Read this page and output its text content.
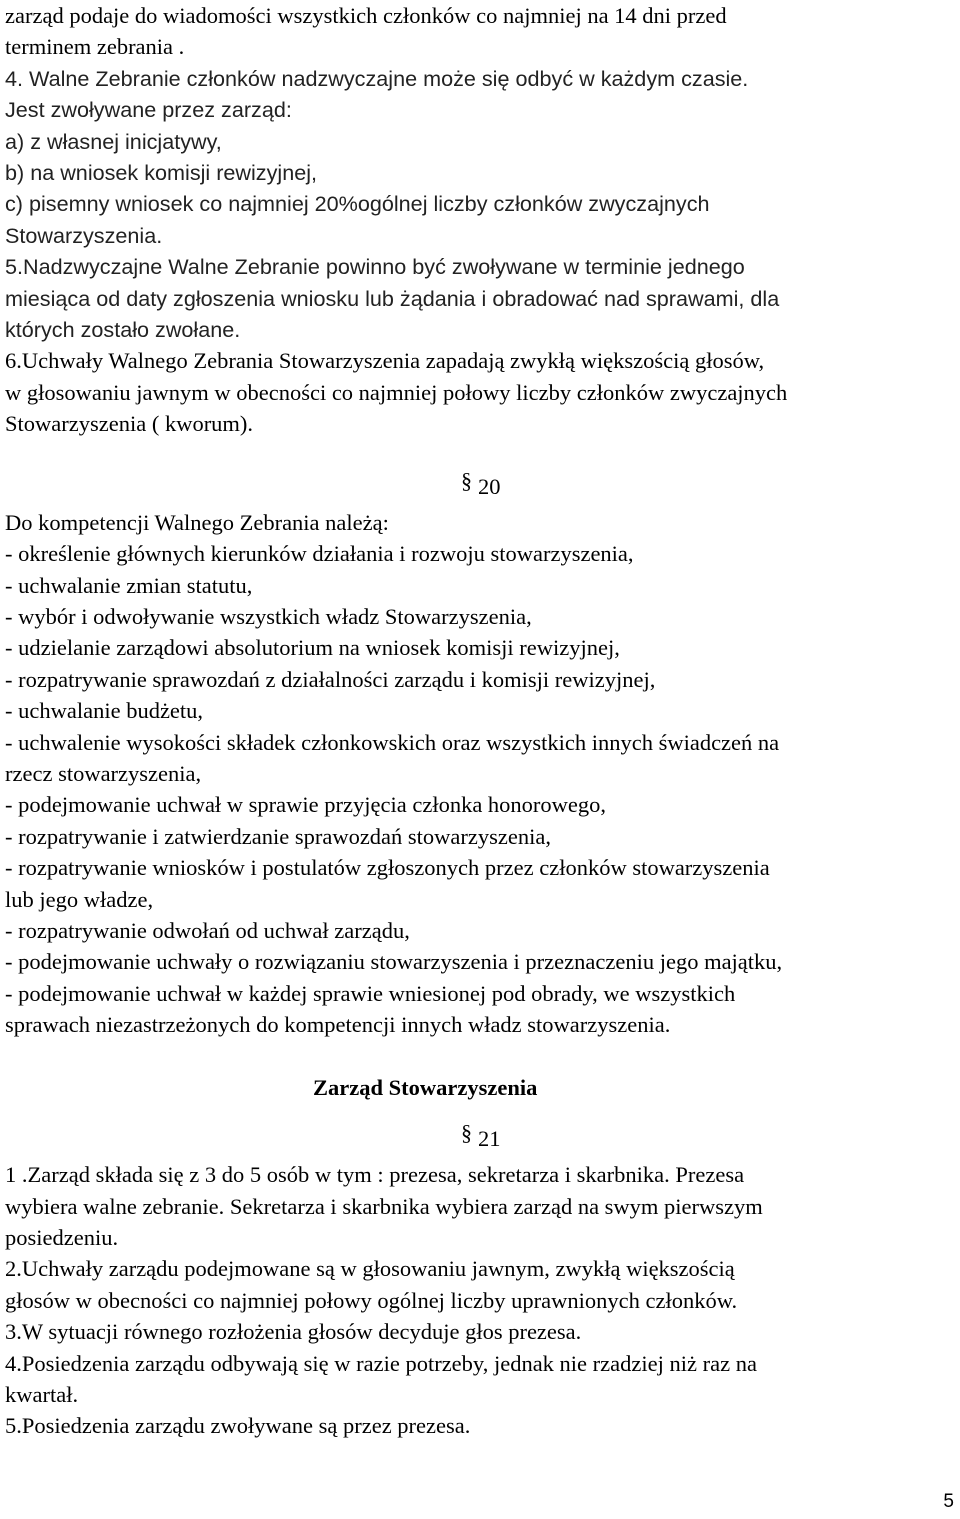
zarząd podaje do wiadomości wszystkich członków co najmniej na 14 dni przed
terminem zebrania .
4. Walne Zebranie członków nadzwyczajne może się odbyć w każdym czasie.
Jest zwoływane przez zarząd:
a) z własnej inicjatywy,
b) na wniosek komisji rewizyjnej,
c) pisemny wniosek co najmniej 20%ogólnej liczby członków zwyczajnych
Stowarzyszenia.
5.Nadzwyczajne Walne Zebranie powinno być zwoływane w terminie jednego
miesiąca od daty zgłoszenia wniosku lub żądania i obradować nad sprawami, dla
których zostało zwołane.
6.Uchwały Walnego Zebrania Stowarzyszenia zapadają zwykłą większością głosów,
w głosowaniu jawnym w obecności co najmniej połowy liczby członków zwyczajnych
Stowarzyszenia ( kworum).
§ 20
Do kompetencji Walnego Zebrania należą:
- określenie głównych kierunków działania i rozwoju stowarzyszenia,
- uchwalanie zmian statutu,
- wybór i odwoływanie wszystkich władz Stowarzyszenia,
- udzielanie zarządowi absolutorium na wniosek komisji rewizyjnej,
- rozpatrywanie sprawozdań z działalności zarządu i komisji rewizyjnej,
- uchwalanie budżetu,
- uchwalenie wysokości składek członkowskich oraz wszystkich innych świadczeń na
rzecz stowarzyszenia,
- podejmowanie uchwał w sprawie przyjęcia członka honorowego,
- rozpatrywanie i zatwierdzanie sprawozdań stowarzyszenia,
- rozpatrywanie wniosków i postulatów zgłoszonych przez członków stowarzyszenia
lub jego władze,
- rozpatrywanie odwołań od uchwał zarządu,
- podejmowanie uchwały o rozwiązaniu stowarzyszenia i przeznaczeniu jego majątku,
- podejmowanie uchwał w każdej sprawie wniesionej pod obrady, we wszystkich
sprawach niezastrzeżonych do kompetencji innych władz stowarzyszenia.
Zarząd Stowarzyszenia
§ 21
1 .Zarząd składa się z 3 do 5 osób w tym : prezesa, sekretarza i skarbnika. Prezesa
wybiera walne zebranie. Sekretarza i skarbnika wybiera zarząd na swym pierwszym
posiedzeniu.
2.Uchwały zarządu podejmowane są w głosowaniu jawnym, zwykłą większością
głosów w obecności co najmniej połowy ogólnej liczby uprawnionych członków.
3.W sytuacji równego rozłożenia głosów decyduje głos prezesa.
4.Posiedzenia zarządu odbywają się w razie potrzeby, jednak nie rzadziej niż raz na
kwartał.
5.Posiedzenia zarządu zwoływane są przez prezesa.
5
